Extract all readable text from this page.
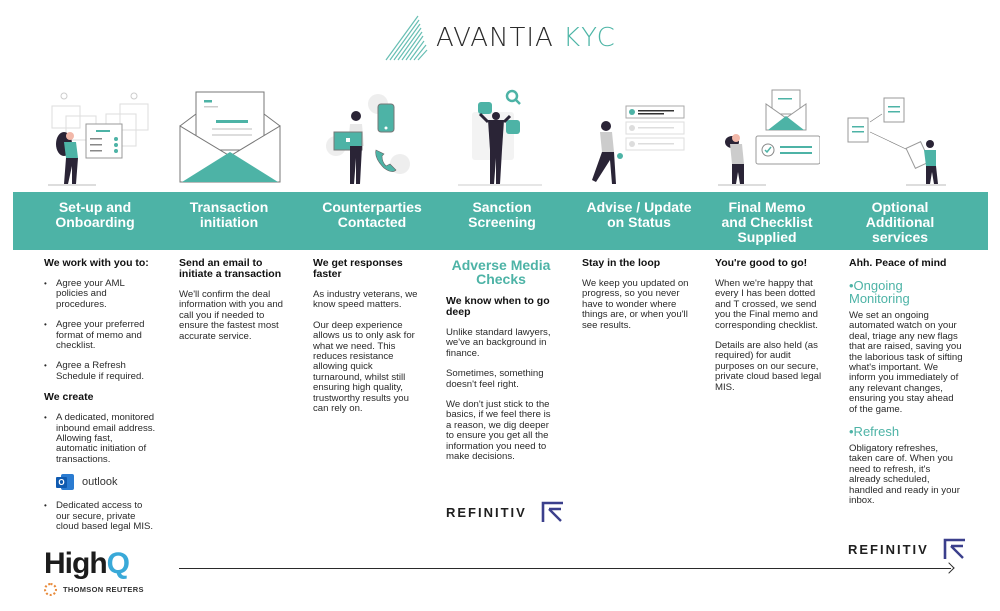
AVANTIA KYC
Set-up and
Onboarding
Transaction
initiation
Counterparties
Contacted
Sanction
Screening
Advise / Update
on Status
Final Memo
and Checklist
Supplied
Optional
Additional
services
We work with you to:
• Agree your AML policies and procedures.
• Agree your preferred format of memo and checklist.
• Agree a Refresh Schedule if required.
We create
• A dedicated, monitored inbound email address. Allowing fast, automatic initiation of transactions.
O outlook
• Dedicated access to our secure, private cloud based legal MIS.
Send an email to initiate a transaction

We'll confirm the deal information with you and call you if needed to ensure the fastest most accurate service.

We get responses faster

As industry veterans, we know speed matters.

Our deep experience allows us to only ask for what we need. This reduces resistance allowing quick turnaround, whilst still ensuring high quality, trustworthy results you can rely on.

Adverse Media Checks
We know when to go deep

Unlike standard lawyers, we've an background in finance.

Sometimes, something doesn't feel right.

We don't just stick to the basics, if we feel there is a reason, we dig deeper to ensure you get all the information you need to make decisions.

Stay in the loop

We keep you updated on progress, so you never have to wonder where things are, or when you'll see results.

You're good to go!

When we're happy that every I has been dotted and T crossed, we send you the Final memo and corresponding checklist.

Details are also held (as required) for audit purposes on our secure, private cloud based legal MIS.

Ahh. Peace of mind
•Ongoing Monitoring

We set an ongoing automated watch on your deal, triage any new flags that are raised, saving you the laborious task of sifting what's important. We inform you immediately of any relevant changes, ensuring you stay ahead of the game.

•Refresh

Obligatory refreshes, taken care of. When you need to refresh, it's already scheduled, handled and ready in your inbox.

HighQ
THOMSON REUTERS
REFINITIV
REFINITIV
